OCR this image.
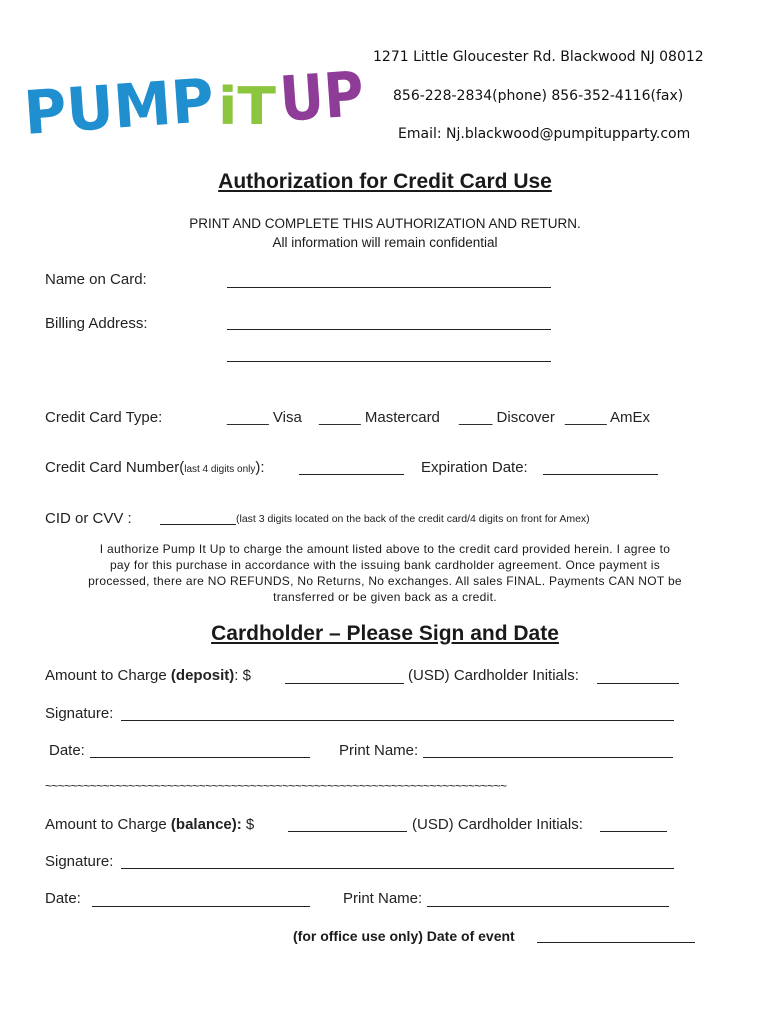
PUMP
iT UP
1271 Little Gloucester Rd. Blackwood NJ 08012
856-228-2834(phone) 856-352-4116(fax)
Email: Nj.blackwood@pumpitupparty.com
Authorization for Credit Card Use
PRINT AND COMPLETE THIS AUTHORIZATION AND RETURN.
All information will remain confidential
Name on Card:
Billing Address:
Credit Card Type:	_____ Visa _____ Mastercard ____ Discover _____ AmEx
Credit Card Number(last 4 digits only):	Expiration Date:
CID or CVV :	(last 3 digits located on the back of the credit card/4 digits on front for Amex)
I authorize Pump It Up to charge the amount listed above to the credit card provided herein. I agree to
pay for this purchase in accordance with the issuing bank cardholder agreement. Once payment is
processed, there are NO REFUNDS, No Returns, No exchanges. All sales FINAL. Payments CAN NOT be
transferred or be given back as a credit.
Cardholder – Please Sign and Date
Amount to Charge (deposit): $	(USD) Cardholder Initials:
Signature:
Date:	Print Name:
~~~~~~~~~~~~~~~~~~~~~~~~~~~~~~~~~~~~~~~~~~~~~~~~~~~~~~~~~~~~~~~~~~~~~~~~
Amount to Charge (balance): $	(USD) Cardholder Initials:
Signature:
Date:	Print Name:
(for office use only) Date of event
